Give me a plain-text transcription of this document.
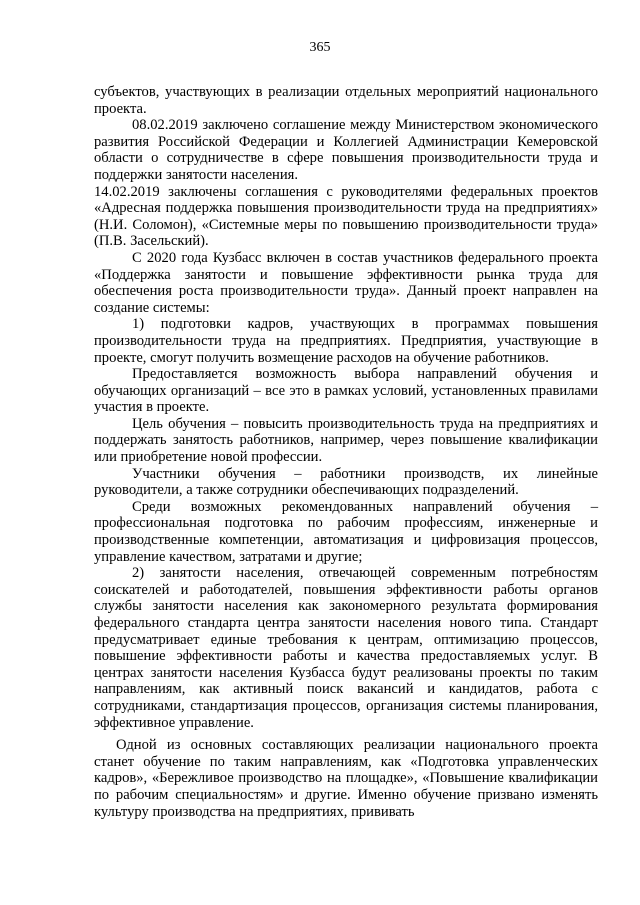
365

субъектов, участвующих в реализации отдельных мероприятий национального проекта.

08.02.2019 заключено соглашение между Министерством экономического развития Российской Федерации и Коллегией Администрации Кемеровской области о сотрудничестве в сфере повышения производительности труда и поддержки занятости населения.

14.02.2019 заключены соглашения с руководителями федеральных проектов «Адресная поддержка повышения производительности труда на предприятиях» (Н.И. Соломон), «Системные меры по повышению производительности труда» (П.В. Засельский).

С 2020 года Кузбасс включен в состав участников федерального проекта «Поддержка занятости и повышение эффективности рынка труда для обеспечения роста производительности труда». Данный проект направлен на создание системы:

1) подготовки кадров, участвующих в программах повышения производительности труда на предприятиях. Предприятия, участвующие в проекте, смогут получить возмещение расходов на обучение работников.

Предоставляется возможность выбора направлений обучения и обучающих организаций – все это в рамках условий, установленных правилами участия в проекте.

Цель обучения – повысить производительность труда на предприятиях и поддержать занятость работников, например, через повышение квалификации или приобретение новой профессии.

Участники обучения – работники производств, их линейные руководители, а также сотрудники обеспечивающих подразделений.

Среди возможных рекомендованных направлений обучения – профессиональная подготовка по рабочим профессиям, инженерные и производственные компетенции, автоматизация и цифровизация процессов, управление качеством, затратами и другие;

2) занятости населения, отвечающей современным потребностям соискателей и работодателей, повышения эффективности работы органов службы занятости населения как закономерного результата формирования федерального стандарта центра занятости населения нового типа. Стандарт предусматривает единые требования к центрам, оптимизацию процессов, повышение эффективности работы и качества предоставляемых услуг. В центрах занятости населения Кузбасса будут реализованы проекты по таким направлениям, как активный поиск вакансий и кандидатов, работа с сотрудниками, стандартизация процессов, организация системы планирования, эффективное управление.

Одной из основных составляющих реализации национального проекта станет обучение по таким направлениям, как «Подготовка управленческих кадров», «Бережливое производство на площадке», «Повышение квалификации по рабочим специальностям» и другие. Именно обучение призвано изменять культуру производства на предприятиях, прививать
